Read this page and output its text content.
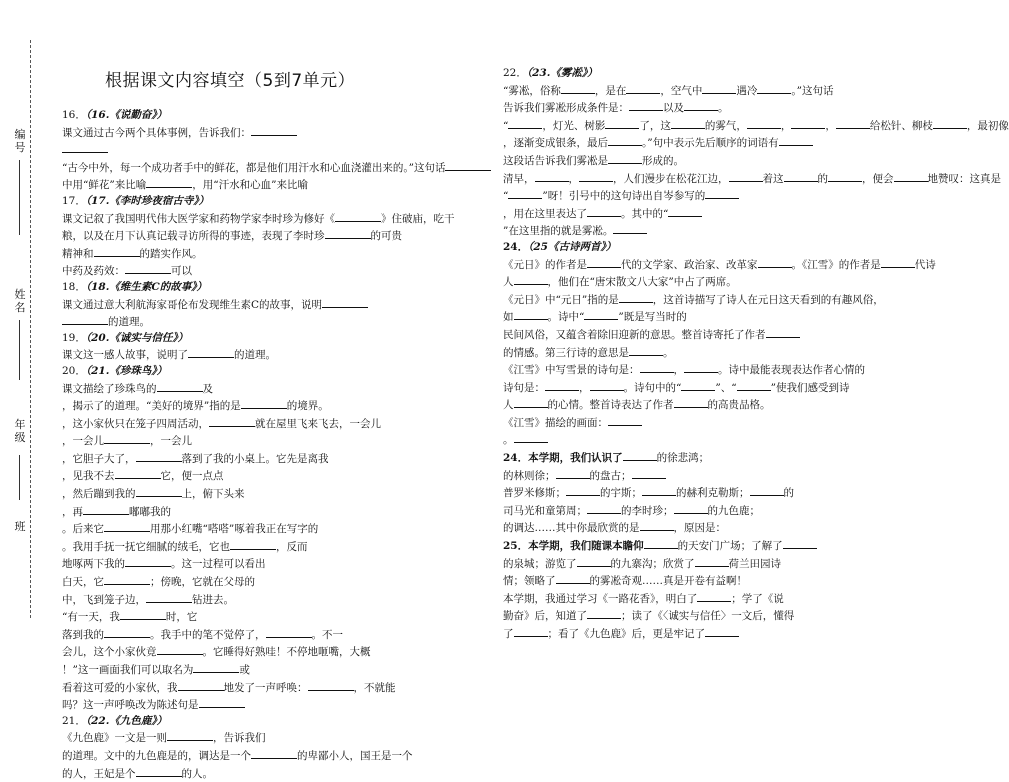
编号
姓名
年级
班
根据课文内容填空（5到7单元）

16．（16.《说勤奋》）

课文通过古今两个具体事例，告诉我们：

“古今中外，每一个成功者手中的鲜花，都是他们用汗水和心血浇灌出来的。”这句话

中用“鲜花”来比喻	，用“汗水和心血”来比喻

17．（17.《李时珍夜宿古寺》）

课文记叙了我国明代伟大医学家和药物学家李时珍为修好《	》住破庙，吃干

粮，以及在月下认真记载寻访所得的事迹，表现了李时珍	的可贵

精神和	的踏实作风。

中药及药效：	可以

18．（18.《维生素C的故事》）

课文通过意大利航海家哥伦布发现维生素C的故事，说明

的道理。

19．（20.《诚实与信任》）

课文这一感人故事，说明了	的道理。

20．（21.《珍珠鸟》）

课文描绘了珍珠鸟的	及

，揭示了的道理。“美好的境界”指的是	的境界。

，这小家伙只在笼子四周活动，	就在屋里飞来飞去，一会儿

，一会儿	，一会儿

，它胆子大了，	落到了我的小桌上。它先是离我

，见我不去	它，便一点点

，然后蹦到我的	上，俯下头来

，再	嘟嘟我的

。后来它	用那小红嘴“嗒嗒”啄着我正在写字的

。我用手抚一抚它细腻的绒毛，它也	，反而

地啄两下我的	。这一过程可以看出

白天，它	；傍晚，它就在父母的

中，飞到笼子边，	钻进去。

“有一天，我	时，它

落到我的	。我手中的笔不觉停了，	。不一

会儿，这个小家伙竟	。它睡得好熟哇！不停地咂嘴，大概

！”这一画面我们可以取名为	或

看着这可爱的小家伙，我	地发了一声呼唤：	，不就能

吗？这一声呼唤改为陈述句是

21．（22.《九色鹿》）

《九色鹿》一文是一则	，告诉我们

的道理。文中的九色鹿是的，调达是一个	的卑鄙小人，国王是一个

的人，王妃是个	的人。

22．（23.《雾凇》）

“雾凇，俗称	，是在	，空气中	遇冷	。”这句话

告诉我们雾凇形成条件是：	以及	。

“	，灯光、树影	了，这	的雾气，	，	，	给松针、柳枝	，最初像

，逐渐变成银条，最后	。”句中表示先后顺序的词语有

这段话告诉我们雾凇是	形成的。

清早，	，	，人们漫步在松花江边，	着这	的	，便会	地赞叹：这真是

“	”呀！引号中的这句诗出自岑参写的

，用在这里表达了	。其中的“

”在这里指的就是雾凇。

24．（25《古诗两首》）

《元日》的作者是	代的文学家、政治家、改革家	。《江雪》的作者是	代诗

人	，他们在“唐宋散文八大家”中占了两席。

《元日》中“元日”指的是	，这首诗描写了诗人在元日这天看到的有趣风俗，

如	。诗中“	”既是写当时的

民间风俗，又蕴含着除旧迎新的意思。整首诗寄托了作者

的情感。第三行诗的意思是	。

《江雪》中写雪景的诗句是：	，	。诗中最能表现表达作者心情的

诗句是：	，	。诗句中的“	”、“	”使我们感受到诗

人	的心情。整首诗表达了作者	的高贵品格。

《江雪》描绘的画面：

。

24．本学期，我们认识了	的徐悲鸿；

的林则徐；	的盘古；

普罗米修斯；	的宇斯；	的赫利克勒斯；	的

司马光和童第周；	的李时珍；	的九色鹿；

的调达……其中你最欣赏的是	，原因是：

25．本学期，我们随课本瞻仰	的天安门广场；了解了

的泉城；游览了	的九寨沟；欣赏了	荷兰田园诗

情；领略了	的雾凇奇观……真是开卷有益啊！

本学期，我通过学习《一路花香》，明白了	；学了《说

勤奋》后，知道了	；读了《〈诚实与信任〉一文后，懂得

了	；看了《九色鹿》后，更是牢记了
